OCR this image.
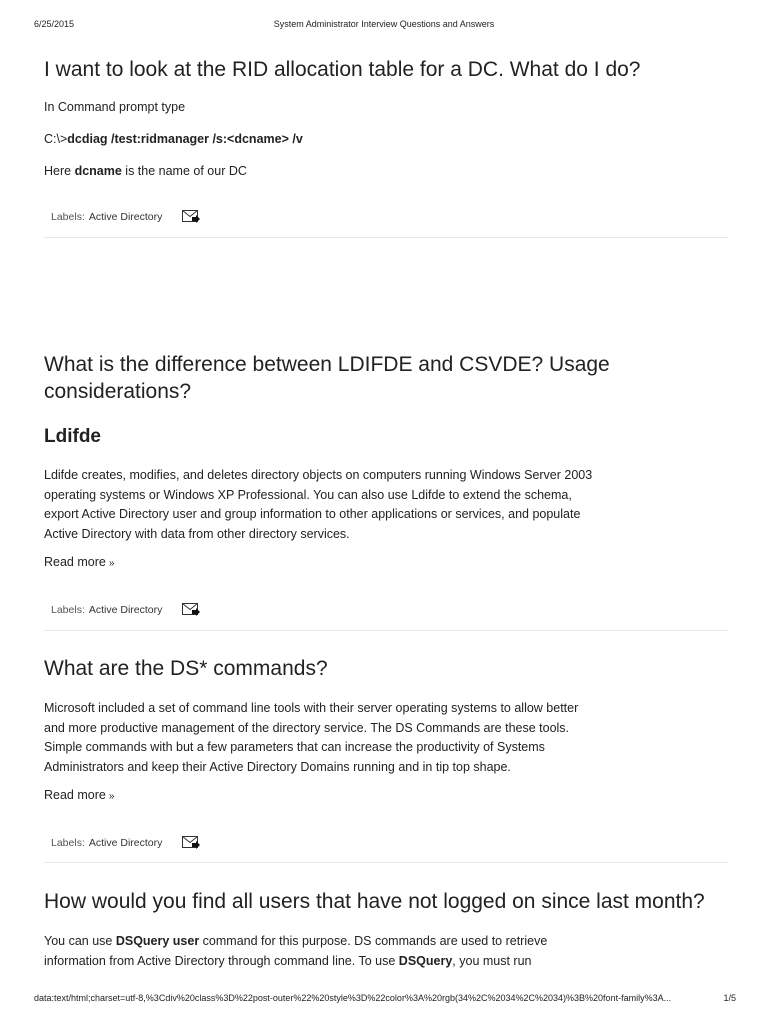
6/25/2015	System Administrator Interview Questions and Answers
I want to look at the RID allocation table for a DC. What do I do?

In Command prompt type

C:\>dcdiag /test:ridmanager /s:<dcname> /v

Here dcname is the name of our DC

Labels: Active Directory
What is the difference between LDIFDE and CSVDE? Usage
considerations?
Ldifde

Ldifde creates, modifies, and deletes directory objects on computers running Windows Server 2003

operating systems or Windows XP Professional. You can also use Ldifde to extend the schema,

export Active Directory user and group information to other applications or services, and populate

Active Directory with data from other directory services.

Read more »
Labels: Active Directory
What are the DS* commands?

Microsoft included a set of command line tools with their server operating systems to allow better

and more productive management of the directory service. The DS Commands are these tools.

Simple commands with but a few parameters that can increase the productivity of Systems

Administrators and keep their Active Directory Domains running and in tip top shape.

Read more »
Labels: Active Directory
How would you find all users that have not logged on since last month?

You can use DSQuery user command for this purpose. DS commands are used to retrieve

information from Active Directory through command line. To use DSQuery, you must run

data:text/html;charset=utf-8,%3Cdiv%20class%3D%22post-outer%22%20style%3D%22color%3A%20rgb(34%2C%2034%2C%2034)%3B%20font-family%3A...	1/5
